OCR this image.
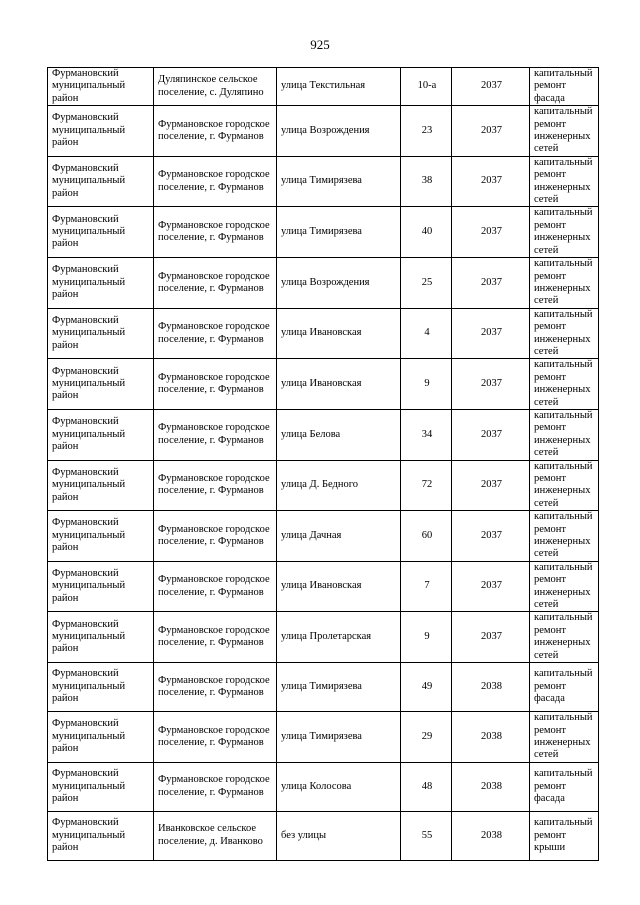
925
Фурмановский муниципальный район	Дуляпинское сельское поселение, с. Дуляпино	улица Текстильная	10-а	2037	капитальный ремонт фасада
Фурмановский муниципальный район	Фурмановское городское поселение, г. Фурманов	улица Возрождения	23	2037	капитальный ремонт инженерных сетей
Фурмановский муниципальный район	Фурмановское городское поселение, г. Фурманов	улица Тимирязева	38	2037	капитальный ремонт инженерных сетей
Фурмановский муниципальный район	Фурмановское городское поселение, г. Фурманов	улица Тимирязева	40	2037	капитальный ремонт инженерных сетей
Фурмановский муниципальный район	Фурмановское городское поселение, г. Фурманов	улица Возрождения	25	2037	капитальный ремонт инженерных сетей
Фурмановский муниципальный район	Фурмановское городское поселение, г. Фурманов	улица Ивановская	4	2037	капитальный ремонт инженерных сетей
Фурмановский муниципальный район	Фурмановское городское поселение, г. Фурманов	улица Ивановская	9	2037	капитальный ремонт инженерных сетей
Фурмановский муниципальный район	Фурмановское городское поселение, г. Фурманов	улица Белова	34	2037	капитальный ремонт инженерных сетей
Фурмановский муниципальный район	Фурмановское городское поселение, г. Фурманов	улица Д. Бедного	72	2037	капитальный ремонт инженерных сетей
Фурмановский муниципальный район	Фурмановское городское поселение, г. Фурманов	улица Дачная	60	2037	капитальный ремонт инженерных сетей
Фурмановский муниципальный район	Фурмановское городское поселение, г. Фурманов	улица Ивановская	7	2037	капитальный ремонт инженерных сетей
Фурмановский муниципальный район	Фурмановское городское поселение, г. Фурманов	улица Пролетарская	9	2037	капитальный ремонт инженерных сетей
Фурмановский муниципальный район	Фурмановское городское поселение, г. Фурманов	улица Тимирязева	49	2038	капитальный ремонт фасада
Фурмановский муниципальный район	Фурмановское городское поселение, г. Фурманов	улица Тимирязева	29	2038	капитальный ремонт инженерных сетей
Фурмановский муниципальный район	Фурмановское городское поселение, г. Фурманов	улица Колосова	48	2038	капитальный ремонт фасада
Фурмановский муниципальный район	Иванковское сельское поселение, д. Иванково	без улицы	55	2038	капитальный ремонт крыши
